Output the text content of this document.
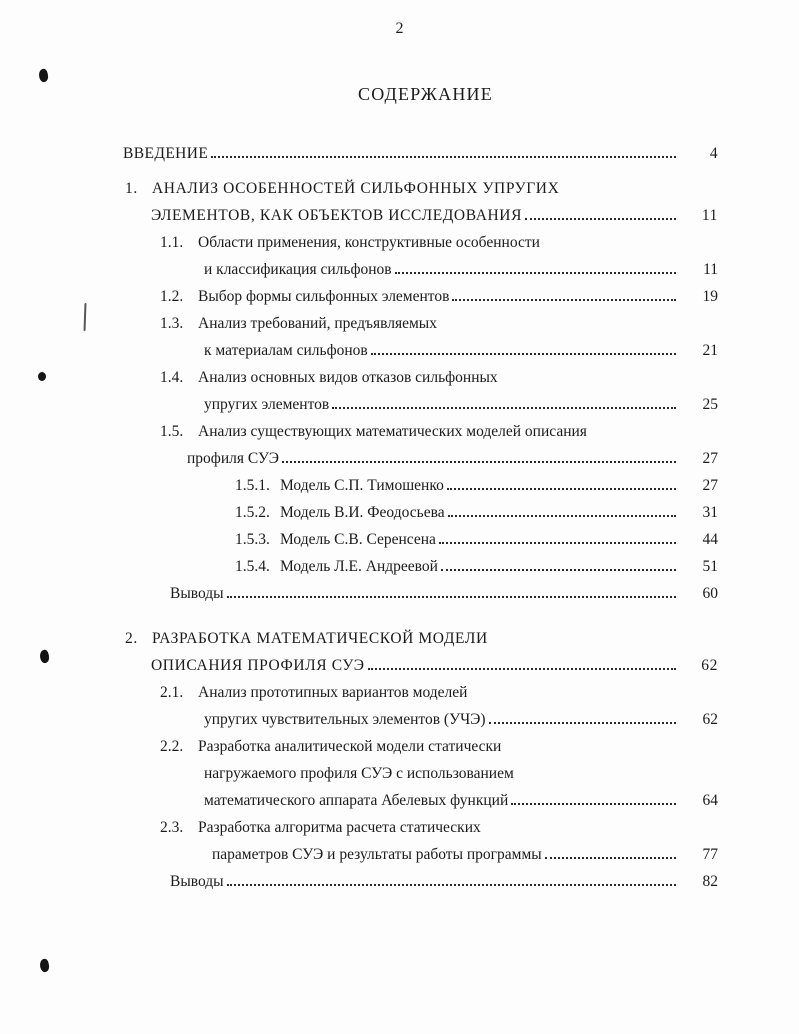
2
СОДЕРЖАНИЕ
ВВЕДЕНИЕ	4
1. АНАЛИЗ ОСОБЕННОСТЕЙ СИЛЬФОННЫХ УПРУГИХ
ЭЛЕМЕНТОВ, КАК ОБЪЕКТОВ ИССЛЕДОВАНИЯ	11
1.1. Области применения, конструктивные особенности
и классификация сильфонов	11
1.2. Выбор формы сильфонных элементов	19
1.3. Анализ требований, предъявляемых
к материалам сильфонов	21
1.4. Анализ основных видов отказов сильфонных
упругих элементов	25
1.5. Анализ существующих математических моделей описания
профиля СУЭ	27
1.5.1. Модель С.П. Тимошенко	27
1.5.2. Модель В.И. Феодосьева	31
1.5.3. Модель С.В. Серенсена	44
1.5.4. Модель Л.Е. Андреевой	51
Выводы	60
2. РАЗРАБОТКА МАТЕМАТИЧЕСКОЙ МОДЕЛИ
ОПИСАНИЯ ПРОФИЛЯ СУЭ	62
2.1. Анализ прототипных вариантов моделей
упругих чувствительных элементов (УЧЭ)	62
2.2. Разработка аналитической модели статически
нагружаемого профиля СУЭ с использованием
математического аппарата Абелевых функций	64
2.3. Разработка алгоритма расчета статических
параметров СУЭ и результаты работы программы	77
Выводы	82
